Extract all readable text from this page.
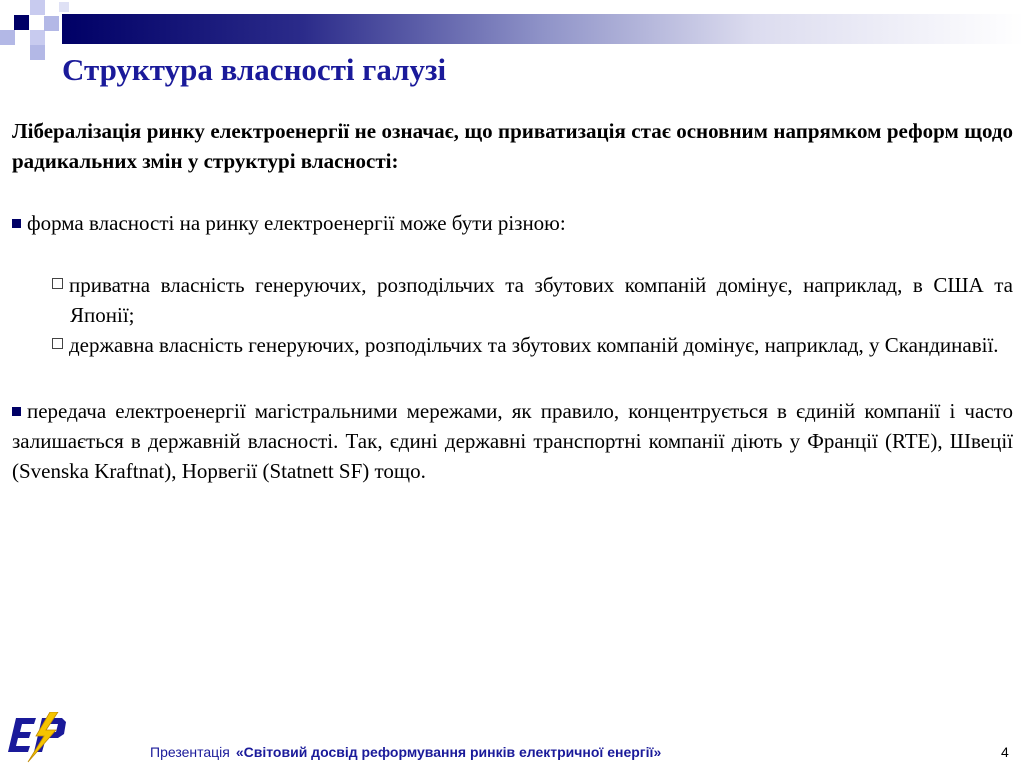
Структура власності галузі

Лібералізація ринку електроенергії не означає, що приватизація стає основним напрямком реформ щодо радикальних змін у структурі власності:

форма власності на ринку електроенергії може бути різною:

приватна власність генеруючих, розподільчих та збутових компаній домінує, наприклад, в США та Японії;

державна власність генеруючих, розподільчих та збутових компаній домінує, наприклад, у Скандинавії.

передача електроенергії магістральними мережами, як правило, концентрується в єдиній компанії і часто залишається в державній власності. Так, єдині державні транспортні компанії діють у Франції (RTE), Швеції (Svenska Kraftnat), Норвегії (Statnett SF) тощо.

Презентація «Світовий досвід реформування ринків електричної енергії»	4
